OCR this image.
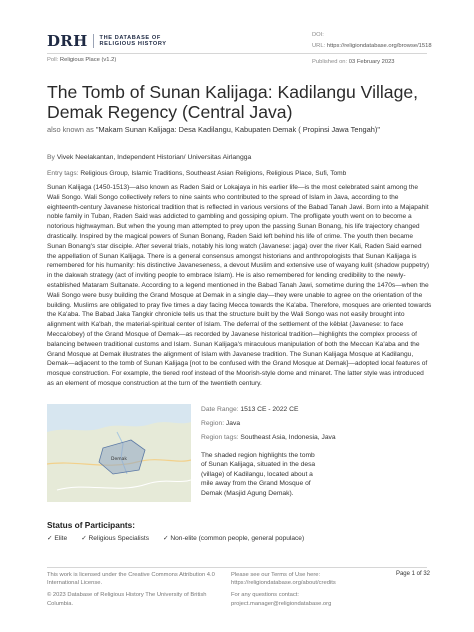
DRH THE DATABASE OF
RELIGIOUS HISTORY
DOI:
URL: https://religiondatabase.org/browse/1518
Poll: Religious Place (v1.2)	Published on: 03 February 2023
The Tomb of Sunan Kalijaga: Kadilangu Village, Demak Regency (Central Java)
also known as "Makam Sunan Kalijaga: Desa Kadilangu, Kabupaten Demak ( Propinsi Jawa Tengah)"
By Vivek Neelakantan, Independent Historian/ Universitas Airlangga
Entry tags: Religious Group, Islamic Traditions, Southeast Asian Religions, Religious Place, Sufi, Tomb

Sunan Kalijaga (1450-1513)—also known as Raden Said or Lokajaya in his earlier life—is the most celebrated saint among the Wali Songo. Wali Songo collectively refers to nine saints who contributed to the spread of Islam in Java, according to the eighteenth-century Javanese historical tradition that is reflected in various versions of the Babad Tanah Jawi. Born into a Majapahit noble family in Tuban, Raden Said was addicted to gambling and gossiping opium. The profligate youth went on to become a notorious highwayman. But when the young man attempted to prey upon the passing Sunan Bonang, his life trajectory changed drastically. Inspired by the magical powers of Sunan Bonang, Raden Said left behind his life of crime. The youth then became Sunan Bonang's star disciple. After several trials, notably his long watch (Javanese: jaga) over the river Kali, Raden Said earned the appellation of Sunan Kalijaga. There is a general consensus amongst historians and anthropologists that Sunan Kalijaga is remembered for his humanity: his distinctive Javaneseness, a devout Muslim and extensive use of wayang kulit (shadow puppetry) in the dakwah strategy (act of inviting people to embrace Islam). He is also remembered for lending credibility to the newly-established Mataram Sultanate. According to a legend mentioned in the Babad Tanah Jawi, sometime during the 1470s—when the Wali Songo were busy building the Grand Mosque at Demak in a single day—they were unable to agree on the orientation of the building. Muslims are obligated to pray five times a day facing Mecca towards the Ka'aba. Therefore, mosques are oriented towards the Ka'aba. The Babad Jaka Tangkir chronicle tells us that the structure built by the Wali Songo was not easily brought into alignment with Ka'bah, the material-spiritual center of Islam. The deferral of the settlement of the kêblat (Javanese: to face Mecca/obey) of the Grand Mosque of Demak—as recorded by Javanese historical tradition—highlights the complex process of balancing between traditional customs and Islam. Sunan Kalijaga's miraculous manipulation of both the Meccan Ka'aba and the Grand Mosque at Demak illustrates the alignment of Islam with Javanese tradition. The Sunan Kalijaga Mosque at Kadilangu, Demak—adjacent to the tomb of Sunan Kalijaga [not to be confused with the Grand Mosque at Demak]—adopted local features of mosque construction. For example, the tiered roof instead of the Moorish-style dome and minaret. The latter style was introduced as an element of mosque construction at the turn of the twentieth century.

Demak
Date Range: 1513 CE - 2022 CE
Region: Java
Region tags: Southeast Asia, Indonesia, Java

The shaded region highlights the tomb of Sunan Kalijaga, situated in the desa (village) of Kadilangu, located about a mile away from the Grand Mosque of Demak (Masjid Agung Demak).

Status of Participants:
✓ Elite ✓ Religious Specialists ✓ Non-elite (common people, general populace)
This work is licensed under the Creative Commons Attribution 4.0 International License.
© 2023 Database of Religious History The University of British Columbia.
Please see our Terms of Use here: https://religiondatabase.org/about/credits
For any questions contact: project.manager@religiondatabase.org
Page 1 of 32
